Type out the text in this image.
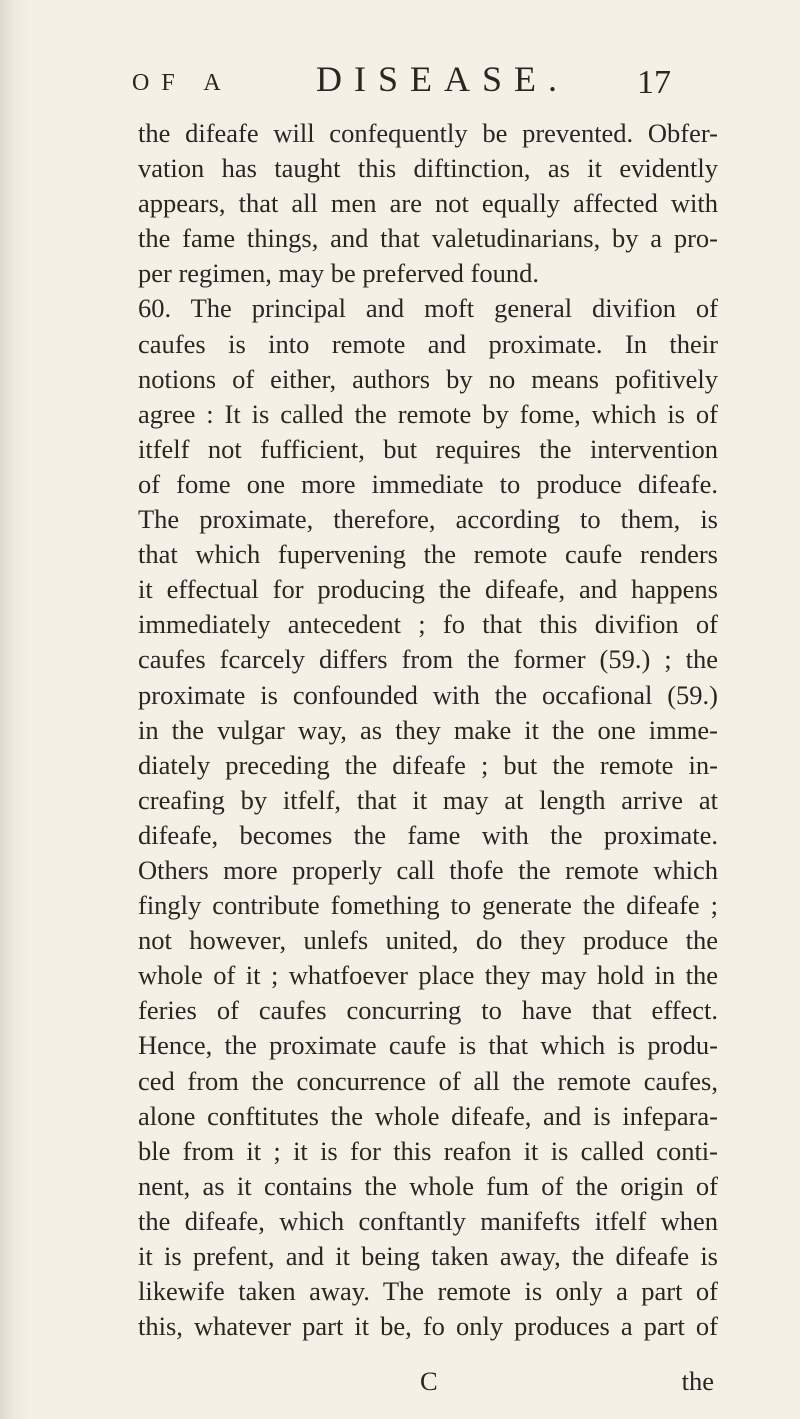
OF A DISEASE. 17
the difeafe will confequently be prevented. Obfer-
vation has taught this diftinction, as it evidently
appears, that all men are not equally affected with
the fame things, and that valetudinarians, by a pro-
per regimen, may be preferved found.
60. The principal and moft general divifion of
caufes is into remote and proximate. In their
notions of either, authors by no means pofitively
agree : It is called the remote by fome, which is of
itfelf not fufficient, but requires the intervention
of fome one more immediate to produce difeafe.
The proximate, therefore, according to them, is
that which fupervening the remote caufe renders
it effectual for producing the difeafe, and happens
immediately antecedent ; fo that this divifion of
caufes fcarcely differs from the former (59.) ; the
proximate is confounded with the occafional (59.)
in the vulgar way, as they make it the one imme-
diately preceding the difeafe ; but the remote in-
creafing by itfelf, that it may at length arrive at
difeafe, becomes the fame with the proximate.
Others more properly call thofe the remote which
fingly contribute fomething to generate the difeafe ;
not however, unlefs united, do they produce the
whole of it ; whatfoever place they may hold in the
feries of caufes concurring to have that effect.
Hence, the proximate caufe is that which is produ-
ced from the concurrence of all the remote caufes,
alone conftitutes the whole difeafe, and is infepara-
ble from it ; it is for this reafon it is called conti-
nent, as it contains the whole fum of the origin of
the difeafe, which conftantly manifefts itfelf when
it is prefent, and it being taken away, the difeafe is
likewife taken away. The remote is only a part of
this, whatever part it be, fo only produces a part of
C	the
